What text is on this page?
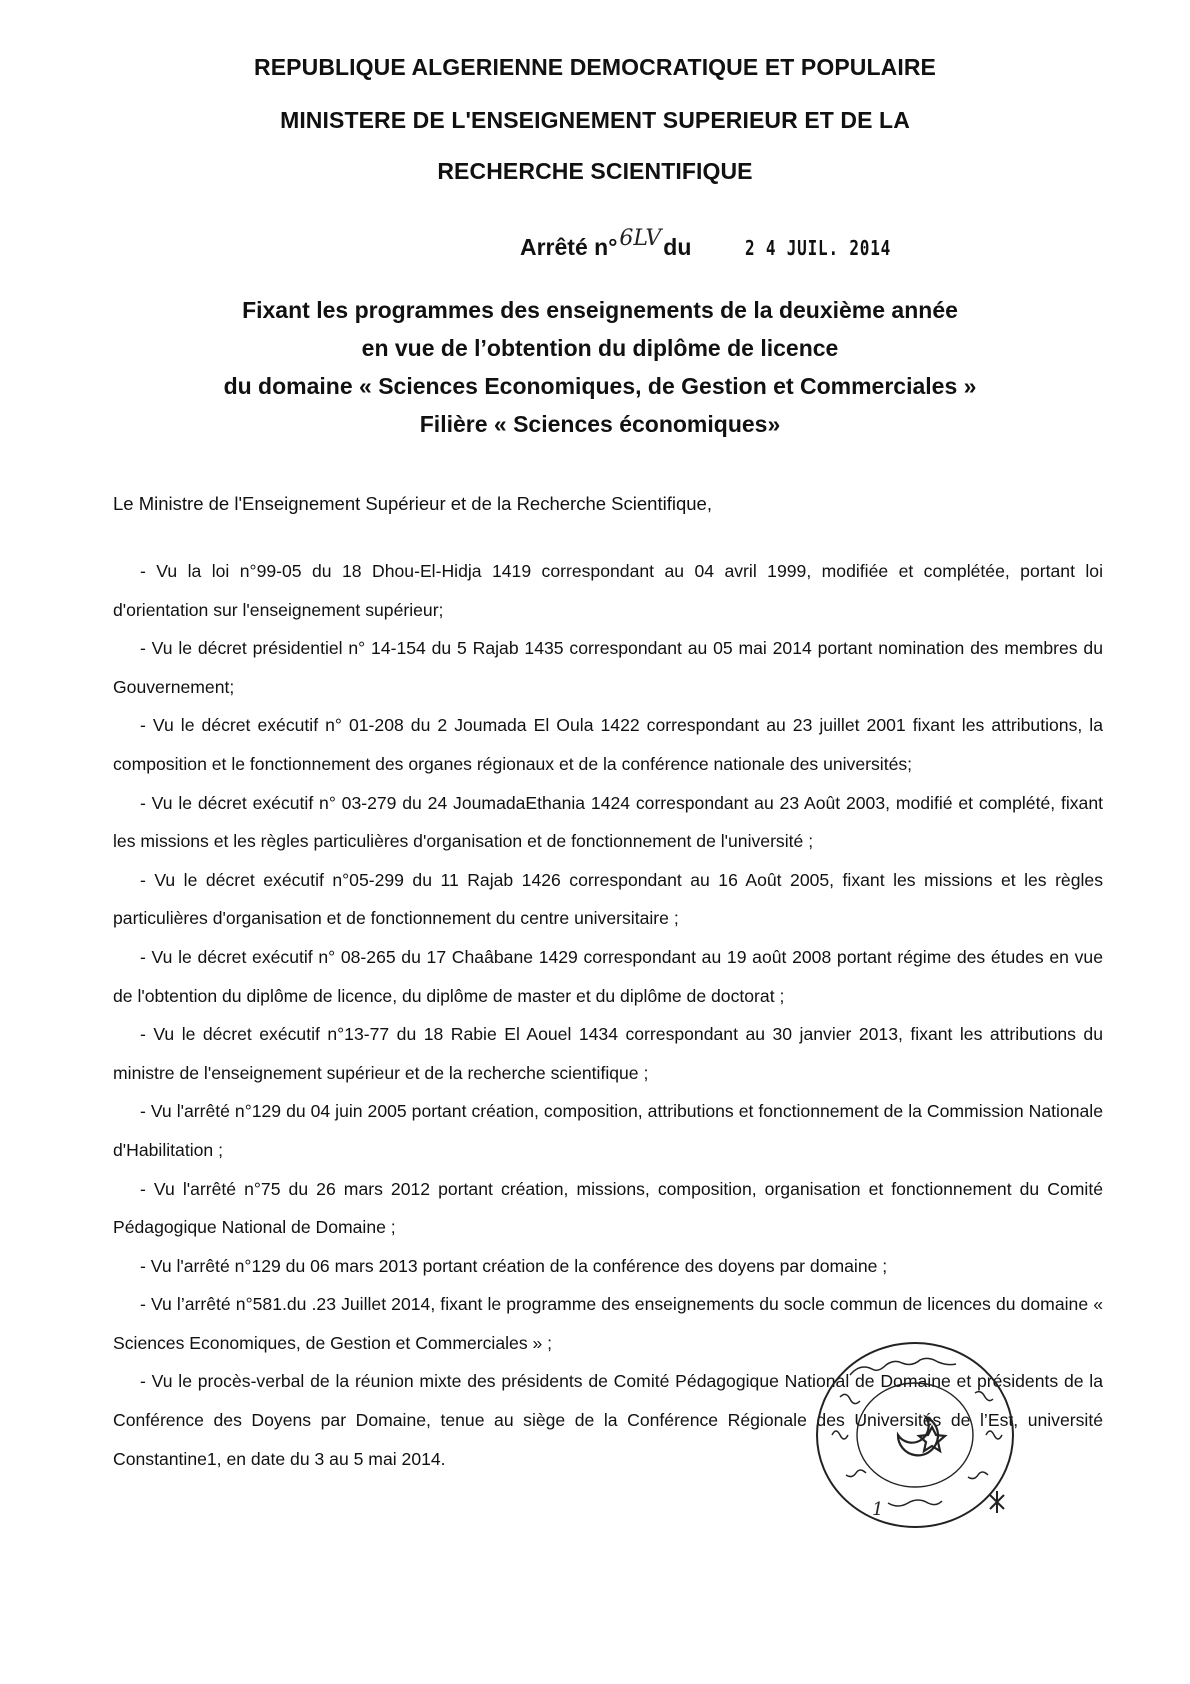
REPUBLIQUE ALGERIENNE DEMOCRATIQUE ET POPULAIRE
MINISTERE DE L'ENSEIGNEMENT SUPERIEUR ET DE LA
RECHERCHE SCIENTIFIQUE
Arrêté n°6LVdu	2 4 JUIL. 2014
Fixant les programmes des enseignements de la deuxième année
en vue de l’obtention du diplôme de licence
du domaine « Sciences Economiques, de Gestion et Commerciales »
Filière « Sciences économiques»
Le Ministre de l'Enseignement Supérieur et de la Recherche Scientifique,

- Vu la loi n°99-05 du 18 Dhou-El-Hidja 1419 correspondant au 04 avril 1999, modifiée et complétée, portant loi d'orientation sur l'enseignement supérieur;

- Vu le décret présidentiel n° 14-154 du 5 Rajab 1435 correspondant au 05 mai 2014 portant nomination des membres du Gouvernement;

- Vu le décret exécutif n° 01-208 du 2 Joumada El Oula 1422 correspondant au 23 juillet 2001 fixant les attributions, la composition et le fonctionnement des organes régionaux et de la conférence nationale des universités;

- Vu le décret exécutif n° 03-279 du 24 JoumadaEthania 1424 correspondant au 23 Août 2003, modifié et complété, fixant les missions et les règles particulières d'organisation et de fonctionnement de l'université ;

- Vu le décret exécutif n°05-299 du 11 Rajab 1426 correspondant au 16 Août 2005, fixant les missions et les règles particulières d'organisation et de fonctionnement du centre universitaire ;

- Vu le décret exécutif n° 08-265 du 17 Chaâbane 1429 correspondant au 19 août 2008 portant régime des études en vue de l'obtention du diplôme de licence, du diplôme de master et du diplôme de doctorat ;

- Vu le décret exécutif n°13-77 du 18 Rabie El Aouel 1434 correspondant au 30 janvier 2013, fixant les attributions du ministre de l'enseignement supérieur et de la recherche scientifique ;

- Vu l'arrêté n°129 du 04 juin 2005 portant création, composition, attributions et fonctionnement de la Commission Nationale d'Habilitation ;

- Vu l'arrêté n°75 du 26 mars 2012 portant création, missions, composition, organisation et fonctionnement du Comité Pédagogique National de Domaine ;

- Vu l'arrêté n°129 du 06 mars 2013 portant création de la conférence des doyens par domaine ;

- Vu l’arrêté n°581.du .23 Juillet 2014, fixant le programme des enseignements du socle commun de licences du domaine « Sciences Economiques, de Gestion et Commerciales » ;

- Vu le procès-verbal de la réunion mixte des présidents de Comité Pédagogique National de Domaine et présidents de la Conférence des Doyens par Domaine, tenue au siège de la Conférence Régionale des Universités de l’Est, université Constantine1, en date du 3 au 5 mai 2014.

1
